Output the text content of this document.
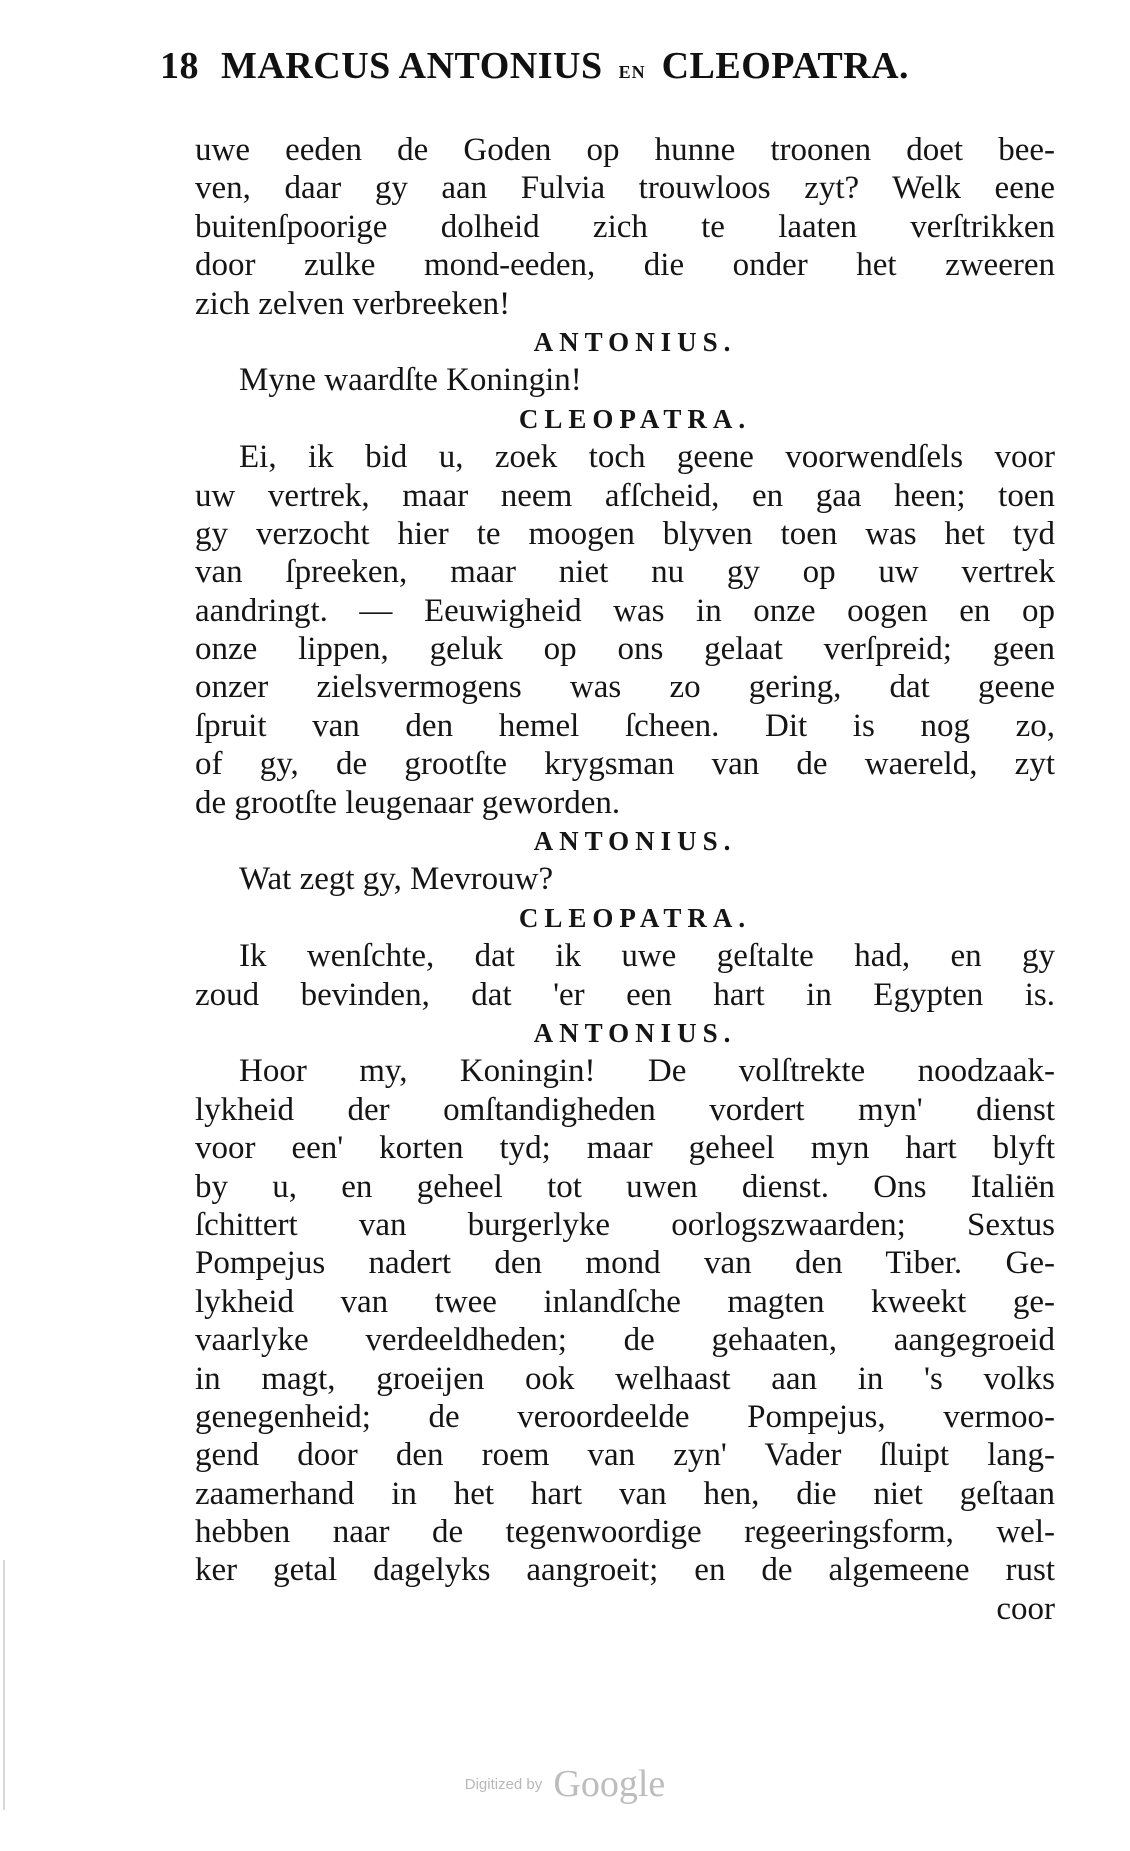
18 MARCUS ANTONIUS EN CLEOPATRA.
uwe eeden de Goden op hunne troonen doet bee-
ven, daar gy aan Fulvia trouwloos zyt? Welk eene
buitenſpoorige dolheid zich te laaten verſtrikken
door zulke mond-eeden, die onder het zweeren
zich zelven verbreeken!
ANTONIUS.
Myne waardſte Koningin!
CLEOPATRA.
Ei, ik bid u, zoek toch geene voorwendſels voor
uw vertrek, maar neem afſcheid, en gaa heen; toen
gy verzocht hier te moogen blyven toen was het tyd
van ſpreeken, maar niet nu gy op uw vertrek
aandringt. — Eeuwigheid was in onze oogen en op
onze lippen, geluk op ons gelaat verſpreid; geen
onzer zielsvermogens was zo gering, dat geene
ſpruit van den hemel ſcheen. Dit is nog zo,
of gy, de grootſte krygsman van de waereld, zyt
de grootſte leugenaar geworden.
ANTONIUS.
Wat zegt gy, Mevrouw?
CLEOPATRA.
Ik wenſchte, dat ik uwe geſtalte had, en gy
zoud bevinden, dat 'er een hart in Egypten is.
ANTONIUS.
Hoor my, Koningin! De volſtrekte noodzaak-
lykheid der omſtandigheden vordert myn' dienst
voor een' korten tyd; maar geheel myn hart blyft
by u, en geheel tot uwen dienst. Ons Italiën
ſchittert van burgerlyke oorlogszwaarden; Sextus
Pompejus nadert den mond van den Tiber. Ge-
lykheid van twee inlandſche magten kweekt ge-
vaarlyke verdeeldheden; de gehaaten, aangegroeid
in magt, groeijen ook welhaast aan in 's volks
genegenheid; de veroordeelde Pompejus, vermoo-
gend door den roem van zyn' Vader ſluipt lang-
zaamerhand in het hart van hen, die niet geſtaan
hebben naar de tegenwoordige regeeringsform, wel-
ker getal dagelyks aangroeit; en de algemeene rust
coor
Digitized by Google
